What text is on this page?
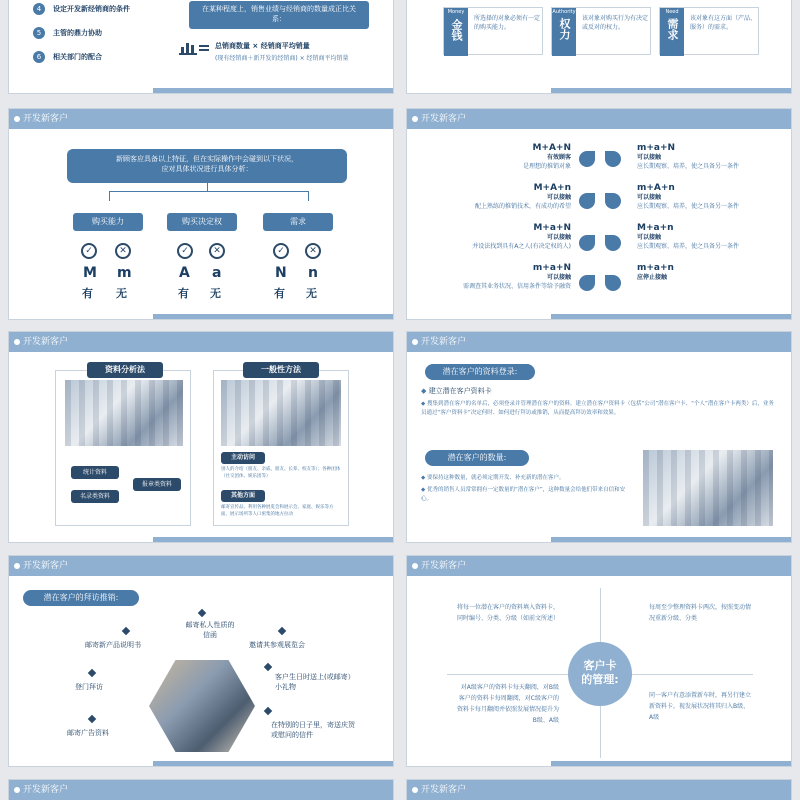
4	设定开发新经销商的条件
5	主管的鼎力协助
6	相关部门的配合
在某种程度上，销售业绩与经销商的数量成正比关系：
总销商数量 × 经销商平均销量
(现有经销商＋新开发的经销商) × 经销商平均销量
Money
金钱
所选择的对象必须有一定的购买能力。
Authority
权力 该对象对购买行为有决定或反对的权力。
Need
需求 该对象有这方面（产品、服务）的需求。
开发新客户
新顾客应具备以上特征，但在实际操作中会碰到以下状况，
应对具体状况进行具体分析：
购买能力
✓	✕
M m
有 无
购买决定权
✓	✕
A a
有 无
需求
✓	✕
N n
有 无
开发新客户
M+A+N
有效顾客
是理想的推销对象
M+A+n
可以接触
配上熟练的推销技术，有成功的希望
M+a+N
可以接触
并设法找到具有A之人(有决定权的人)
m+a+N
可以接触
需调查其业务状况、信用条件等给予融资
m+a+N
可以接触
应长期观察、培养，使之具备另一条件
m+A+n
可以接触
应长期观察、培养，使之具备另一条件
M+a+n
可以接触
应长期观察、培养，使之具备另一条件
m+a+n
应停止接触
开发新客户
资料分析法
统计资料
报章类资料
名录类资料
一般性方法
主动访问
别人的介绍（朋友、亲戚、朋友、长辈、校友等）；各种团体（社交团体、娱乐团等）
其他方面
邮寄宣传品、利用各种展览会和展示会、家庭、娱乐等方面、展示场所等人口密集的地方拉动
开发新客户
潜在客户的资料登录:
◆ 建立潜在客户资料卡
◆ 搜集到潜在客户的名单后，必须登录并管理潜在客户的资料。建立潜在客户资料卡（包括“公司”潜在客户卡、“个人”潜在客户卡两类）后，业务员通过“客户资料卡”决定何时、如何进行拜访或推销，从而提高拜访效率和效果。
潜在客户的数量:
◆ 要保持这种数量，就必须定期开发、补充新的潜在客户。
◆ 优秀的销售人员常常拥有一定数量的“潜在客户”，这种数量会给他们带来自信和安心。
开发新客户
潜在客户的拜访推销:
邮寄新产品说明书
邮寄私人性质的信函
邀请其参观展览会
登门拜访
客户生日时送上(或邮寄）小礼物
邮寄广告资料
在特别的日子里，寄送庆贺或慰问的信件
开发新客户
客户卡
的管理:
将每一位潜在客户的资料填入资料卡，同时编号、分类、分级（如前文所述）
每周至少整理资料卡两次，按照变动情况重新分级、分类
对A级客户的资料卡每天翻阅，对B级客户的资料卡每周翻阅，对C级客户的资料卡每月翻阅并依照发展情况提升为B级、A级
同一客户有意添置新车时，再另行建立新资料卡，视发展状况将其归入B级、A级
开发新客户	开发新客户
